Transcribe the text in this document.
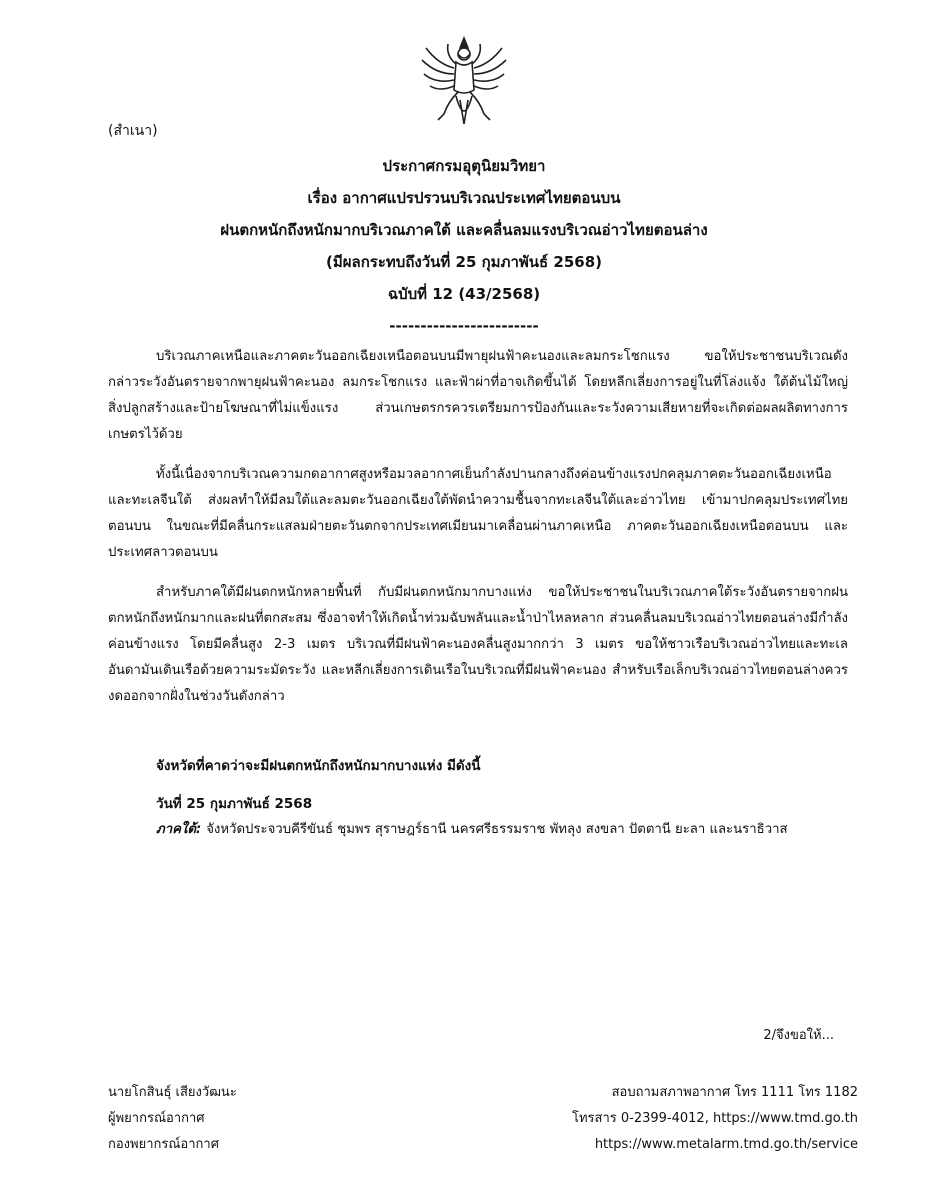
(สำเนา)
ประกาศกรมอุตุนิยมวิทยา
เรื่อง อากาศแปรปรวนบริเวณประเทศไทยตอนบน
ฝนตกหนักถึงหนักมากบริเวณภาคใต้ และคลื่นลมแรงบริเวณอ่าวไทยตอนล่าง
(มีผลกระทบถึงวันที่ 25 กุมภาพันธ์ 2568)
ฉบับที่ 12 (43/2568)
------------------------
บริเวณภาคเหนือและภาคตะวันออกเฉียงเหนือตอนบนมีพายุฝนฟ้าคะนองและลมกระโชกแรง ขอให้ประชาชนบริเวณดังกล่าวระวังอันตรายจากพายุฝนฟ้าคะนอง ลมกระโชกแรง และฟ้าผ่าที่อาจเกิดขึ้นได้ โดยหลีกเลี่ยงการอยู่ในที่โล่งแจ้ง ใต้ต้นไม้ใหญ่ สิ่งปลูกสร้างและป้ายโฆษณาที่ไม่แข็งแรง ส่วนเกษตรกรควรเตรียมการป้องกันและระวังความเสียหายที่จะเกิดต่อผลผลิตทางการเกษตรไว้ด้วย
ทั้งนี้เนื่องจากบริเวณความกดอากาศสูงหรือมวลอากาศเย็นกำลังปานกลางถึงค่อนข้างแรงปกคลุมภาคตะวันออกเฉียงเหนือและทะเลจีนใต้ ส่งผลทำให้มีลมใต้และลมตะวันออกเฉียงใต้พัดนำความชื้นจากทะเลจีนใต้และอ่าวไทย เข้ามาปกคลุมประเทศไทยตอนบน ในขณะที่มีคลื่นกระแสลมฝ่ายตะวันตกจากประเทศเมียนมาเคลื่อนผ่านภาคเหนือ ภาคตะวันออกเฉียงเหนือตอนบน และประเทศลาวตอนบน
สำหรับภาคใต้มีฝนตกหนักหลายพื้นที่ กับมีฝนตกหนักมากบางแห่ง ขอให้ประชาชนในบริเวณภาคใต้ระวังอันตรายจากฝนตกหนักถึงหนักมากและฝนที่ตกสะสม ซึ่งอาจทำให้เกิดน้ำท่วมฉับพลันและน้ำป่าไหลหลาก ส่วนคลื่นลมบริเวณอ่าวไทยตอนล่างมีกำลังค่อนข้างแรง โดยมีคลื่นสูง 2-3 เมตร บริเวณที่มีฝนฟ้าคะนองคลื่นสูงมากกว่า 3 เมตร ขอให้ชาวเรือบริเวณอ่าวไทยและทะเลอันดามันเดินเรือด้วยความระมัดระวัง และหลีกเลี่ยงการเดินเรือในบริเวณที่มีฝนฟ้าคะนอง สำหรับเรือเล็กบริเวณอ่าวไทยตอนล่างควรงดออกจากฝั่งในช่วงวันดังกล่าว
จังหวัดที่คาดว่าจะมีฝนตกหนักถึงหนักมากบางแห่ง มีดังนี้
วันที่ 25 กุมภาพันธ์ 2568
ภาคใต้: จังหวัดประจวบคีรีขันธ์ ชุมพร สุราษฎร์ธานี นครศรีธรรมราช พัทลุง สงขลา ปัตตานี ยะลา และนราธิวาส
2/จึงขอให้...
นายโกสินธุ์ เสียงวัฒนะ
ผู้พยากรณ์อากาศ
กองพยากรณ์อากาศ
สอบถามสภาพอากาศ โทร 1111 โทร 1182
โทรสาร 0-2399-4012, https://www.tmd.go.th
https://www.metalarm.tmd.go.th/service
